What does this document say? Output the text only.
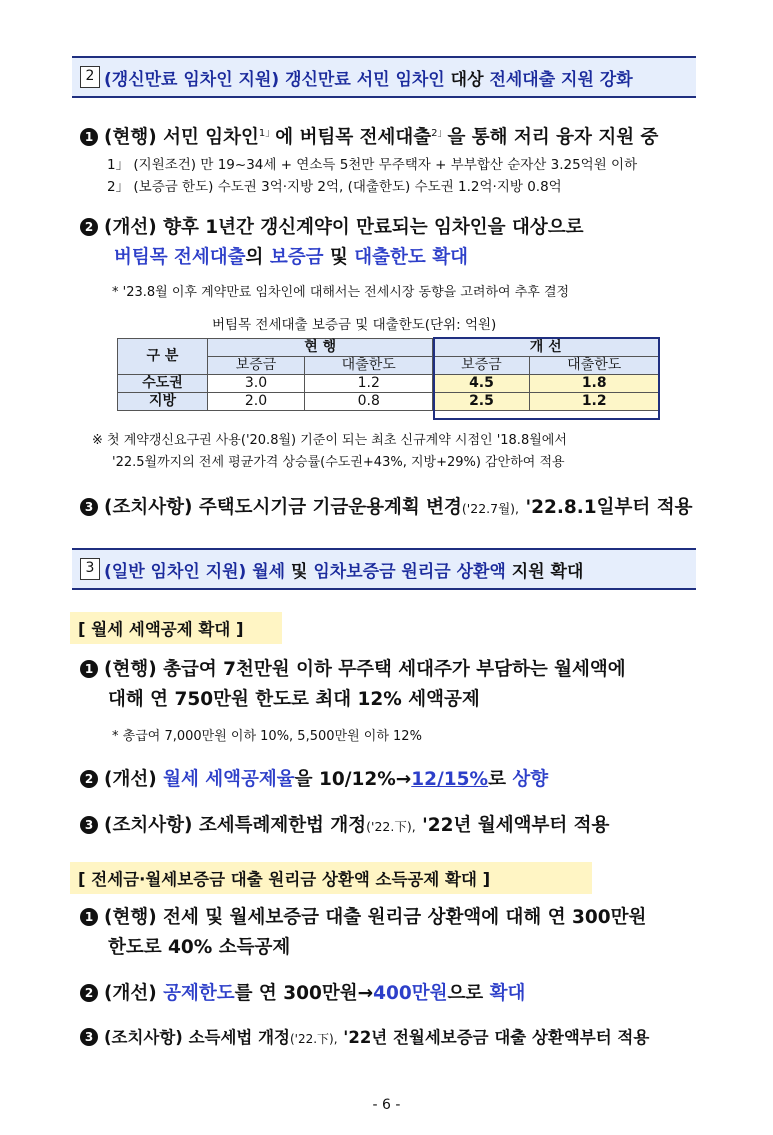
2 (갱신만료 임차인 지원) 갱신만료 서민 임차인
대상
전세대출 지원 강화
1 (현행) 서민 임차인$^{1」}$에 버팀목 전세대출$^{2」}$을 통해 저리 융자 지원 중
1」 (지원조건) 만 19~34세 + 연소득 5천만 무주택자 + 부부합산 순자산 3.25억원 이하
2」 (보증금 한도) 수도권 3억·지방 2억, (대출한도) 수도권 1.2억·지방 0.8억
2 (개선) 향후 1년간 갱신계약이 만료되는 임차인을 대상으로
버팀목 전세대출의 보증금 및 대출한도 확대
* '23.8월 이후 계약만료 임차인에 대해서는 전세시장 동향을 고려하여 추후 결정
버팀목 전세대출 보증금 및 대출한도(단위: 억원)
구 분	현 행		개 선	
	보증금	대출한도	보증금	대출한도
수도권	3.0	1.2	4.5	1.8
지방	2.0	0.8	2.5	1.2
※ 첫 계약갱신요구권 사용('20.8월) 기준이 되는 최초 신규계약 시점인 '18.8월에서
'22.5월까지의 전세 평균가격 상승률(수도권+43%, 지방+29%) 감안하여 적용
3 (조치사항) 주택도시기금 기금운용계획 변경('22.7월), '22.8.1일부터 적용
3 (일반 임차인 지원) 월세
및
임차보증금 원리금 상환액
지원 확대
[ 월세 세액공제 확대 ]
1 (현행) 총급여 7천만원 이하 무주택 세대주가 부담하는 월세액에
대해 연 750만원 한도로 최대 12% 세액공제
* 총급여 7,000만원 이하 10%, 5,500만원 이하 12%
2 (개선) 월세 세액공제율을 10/12%→12/15%로 상향
3 (조치사항) 조세특례제한법 개정('22.下), '22년 월세액부터 적용
[ 전세금·월세보증금 대출 원리금 상환액 소득공제 확대 ]
1 (현행) 전세 및 월세보증금 대출 원리금 상환액에 대해 연 300만원
한도로 40% 소득공제
2 (개선) 공제한도를 연 300만원→400만원으로 확대
3 (조치사항) 소득세법 개정('22.下), '22년 전월세보증금 대출 상환액부터 적용
- 6 -
